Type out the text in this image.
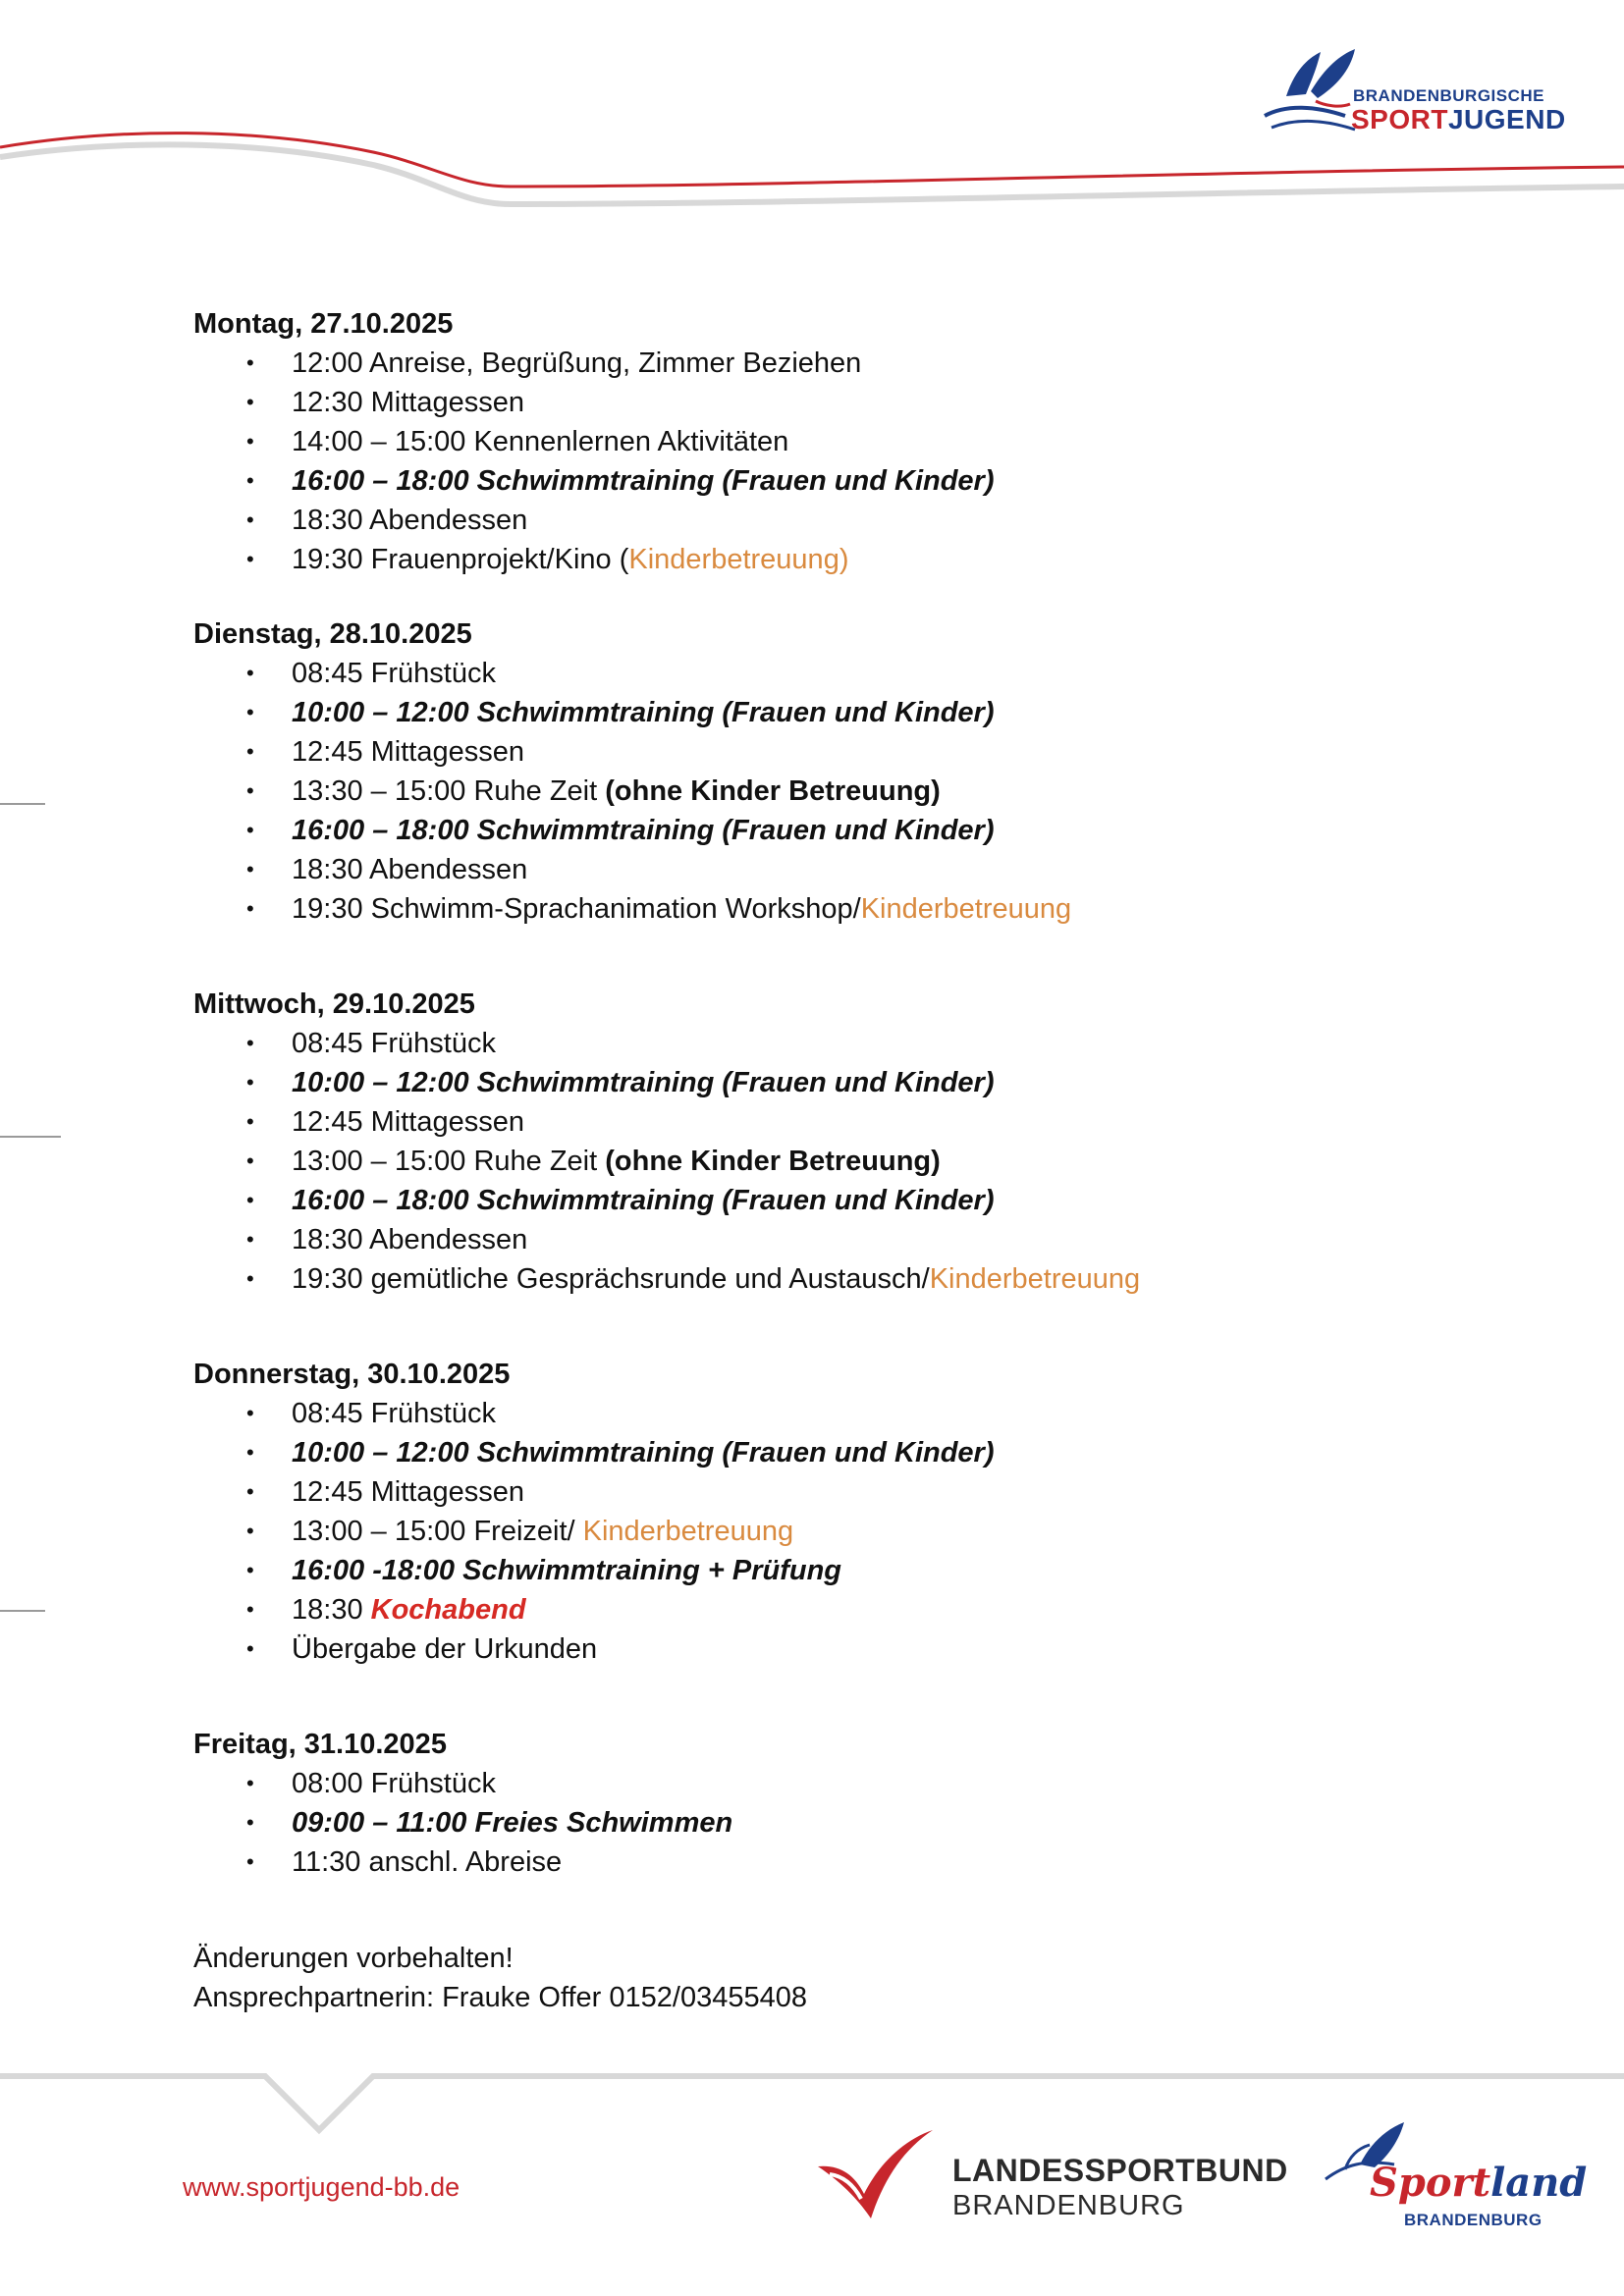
BRANDENBURGISCHE
SPORTJUGEND

Montag, 27.10.2025

• 12:00 Anreise, Begrüßung, Zimmer Beziehen
• 12:30 Mittagessen
• 14:00 – 15:00 Kennenlernen Aktivitäten
• 16:00 – 18:00 Schwimmtraining (Frauen und Kinder)
• 18:30 Abendessen
• 19:30 Frauenprojekt/Kino (Kinderbetreuung)

Dienstag, 28.10.2025

• 08:45 Frühstück
• 10:00 – 12:00 Schwimmtraining (Frauen und Kinder)
• 12:45 Mittagessen
• 13:30 – 15:00 Ruhe Zeit (ohne Kinder Betreuung)
• 16:00 – 18:00 Schwimmtraining (Frauen und Kinder)
• 18:30 Abendessen
• 19:30 Schwimm-Sprachanimation Workshop/Kinderbetreuung

Mittwoch, 29.10.2025

• 08:45 Frühstück
• 10:00 – 12:00 Schwimmtraining (Frauen und Kinder)
• 12:45 Mittagessen
• 13:00 – 15:00 Ruhe Zeit (ohne Kinder Betreuung)
• 16:00 – 18:00 Schwimmtraining (Frauen und Kinder)
• 18:30 Abendessen
• 19:30 gemütliche Gesprächsrunde und Austausch/Kinderbetreuung

Donnerstag, 30.10.2025

• 08:45 Frühstück
• 10:00 – 12:00 Schwimmtraining (Frauen und Kinder)
• 12:45 Mittagessen
• 13:00 – 15:00 Freizeit/ Kinderbetreuung
• 16:00 -18:00 Schwimmtraining + Prüfung
• 18:30 Kochabend
• Übergabe der Urkunden

Freitag, 31.10.2025

• 08:00 Frühstück
• 09:00 – 11:00 Freies Schwimmen
• 11:30 anschl. Abreise
Änderungen vorbehalten!
Ansprechpartnerin: Frauke Offer 0152/03455408
www.sportjugend-bb.de	LANDESSPORTBUND
BRANDENBURG	Sportland
BRANDENBURG
